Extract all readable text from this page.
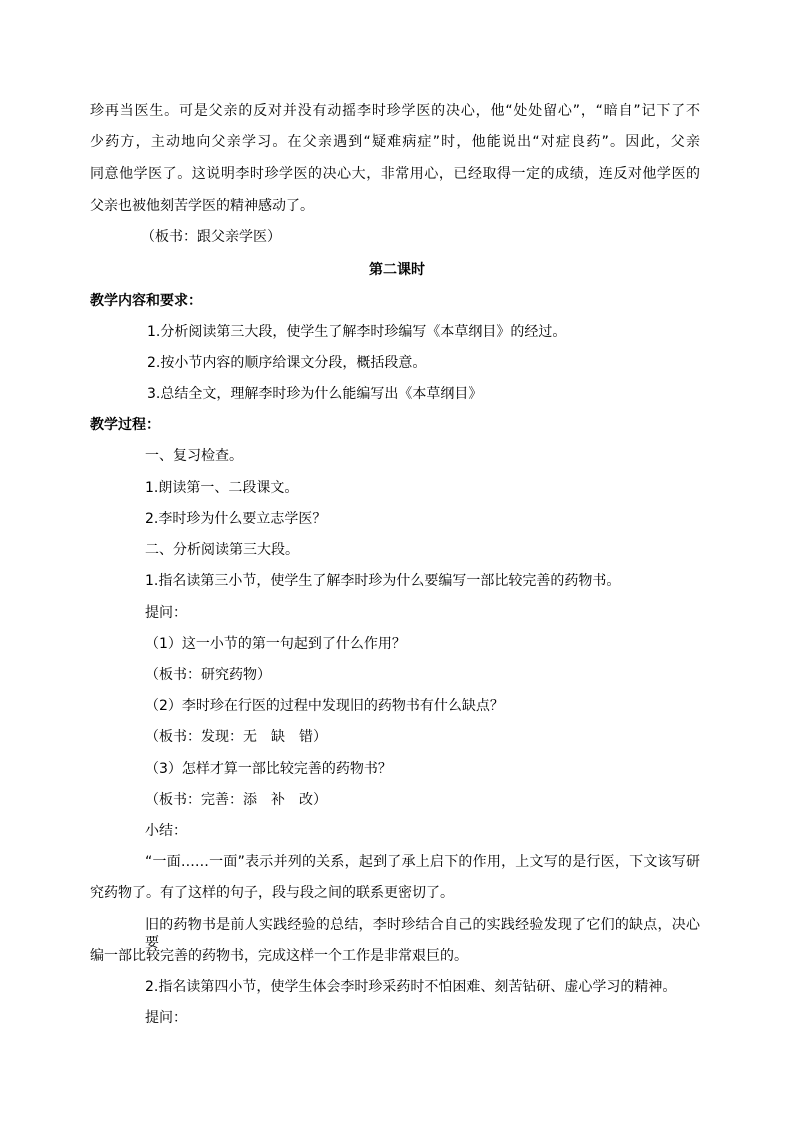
珍再当医生。可是父亲的反对并没有动摇李时珍学医的决心，他“处处留心”，“暗自”记下了不
少药方，主动地向父亲学习。在父亲遇到“疑难病症”时，他能说出“对症良药”。因此，父亲
同意他学医了。这说明李时珍学医的决心大，非常用心，已经取得一定的成绩，连反对他学医的
父亲也被他刻苦学医的精神感动了。
（板书：跟父亲学医）
第二课时
教学内容和要求：
1.分析阅读第三大段，使学生了解李时珍编写《本草纲目》的经过。
2.按小节内容的顺序给课文分段，概括段意。
3.总结全文，理解李时珍为什么能编写出《本草纲目》
教学过程：
一、复习检查。
1.朗读第一、二段课文。
2.李时珍为什么要立志学医？
二、分析阅读第三大段。
1.指名读第三小节，使学生了解李时珍为什么要编写一部比较完善的药物书。
提问：
（1）这一小节的第一句起到了什么作用？
（板书：研究药物）
（2）李时珍在行医的过程中发现旧的药物书有什么缺点？
（板书：发现：无　缺　错）
（3）怎样才算一部比较完善的药物书？
（板书：完善：添　补　改）
小结：
“一面……一面”表示并列的关系，起到了承上启下的作用，上文写的是行医，下文该写研
究药物了。有了这样的句子，段与段之间的联系更密切了。
旧的药物书是前人实践经验的总结，李时珍结合自己的实践经验发现了它们的缺点，决心要
编一部比较完善的药物书，完成这样一个工作是非常艰巨的。
2.指名读第四小节，使学生体会李时珍采药时不怕困难、刻苦钻研、虚心学习的精神。
提问：
